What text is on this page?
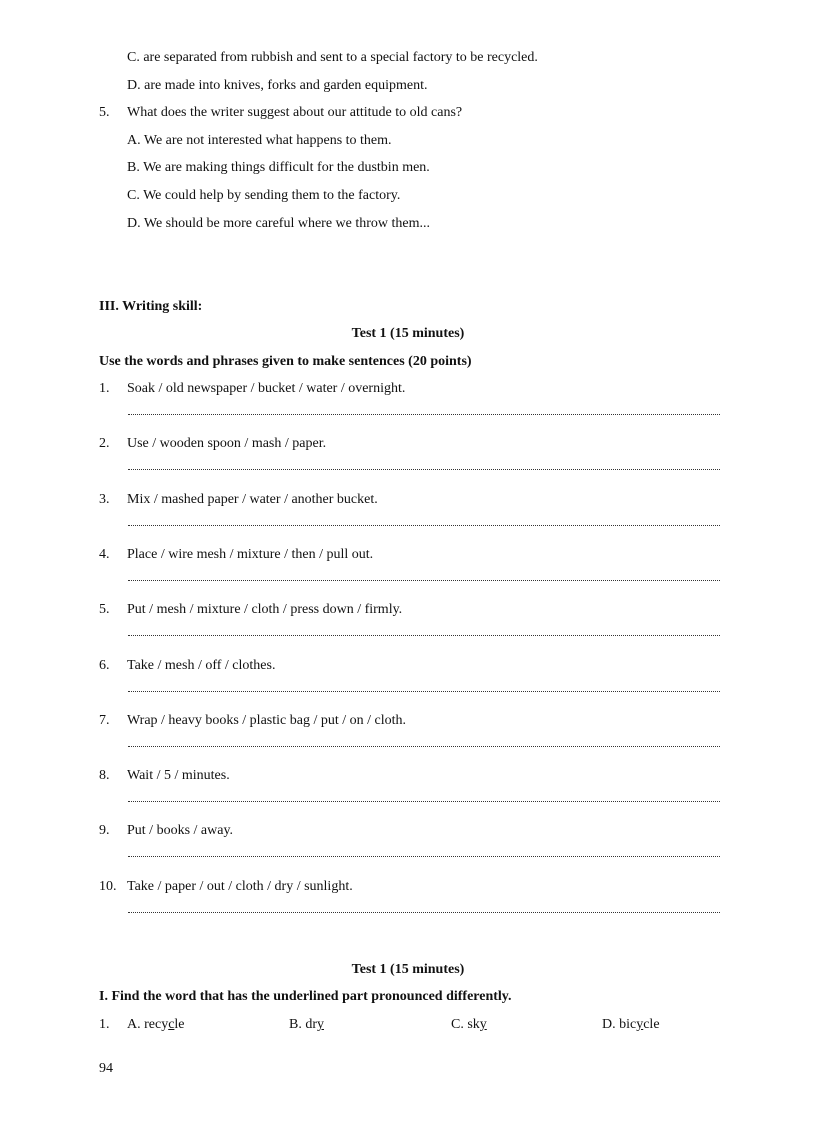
C. are separated from rubbish and sent to a special factory to be recycled.
D. are made into knives, forks and garden equipment.
5. What does the writer suggest about our attitude to old cans?
A. We are not interested what happens to them.
B. We are making things difficult for the dustbin men.
C. We could help by sending them to the factory.
D. We should be more careful where we throw them...
III. Writing skill:
Test 1 (15 minutes)
Use the words and phrases given to make sentences (20 points)
1. Soak / old newspaper / bucket / water / overnight.
2. Use / wooden spoon / mash / paper.
3. Mix / mashed paper / water / another bucket.
4. Place / wire mesh / mixture / then / pull out.
5. Put / mesh / mixture / cloth / press down / firmly.
6. Take / mesh / off / clothes.
7. Wrap / heavy books / plastic bag / put / on / cloth.
8. Wait / 5 / minutes.
9. Put / books / away.
10. Take / paper / out / cloth / dry / sunlight.
Test 1 (15 minutes)
I. Find the word that has the underlined part pronounced differently.
1. A. recycle	B. dry	C. sky	D. bicycle
94
